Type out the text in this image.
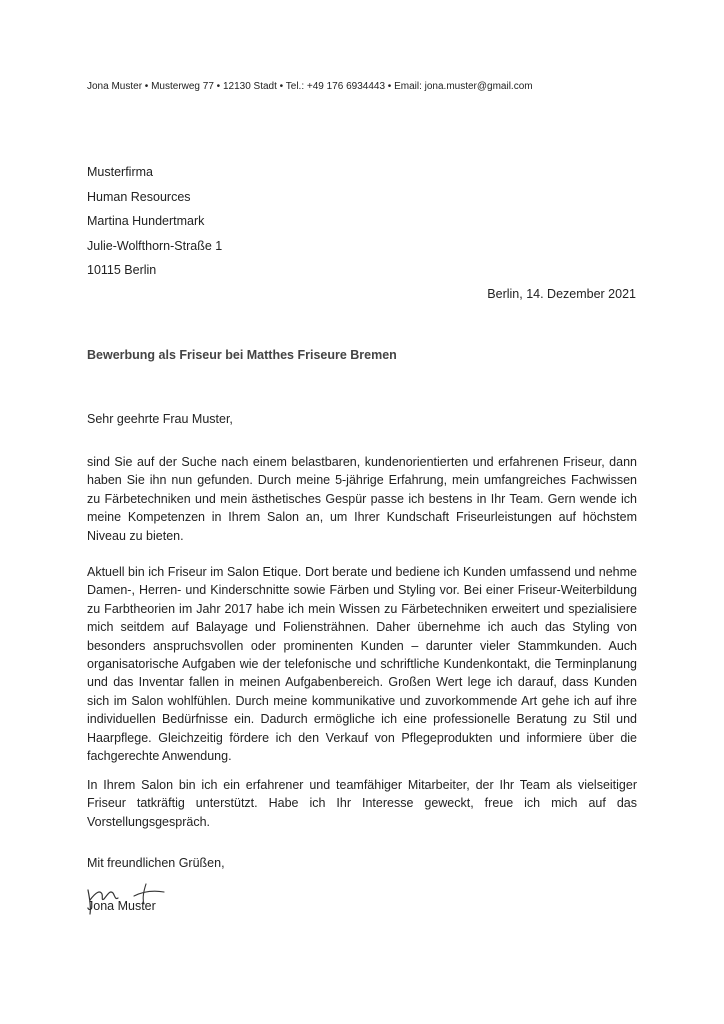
Jona Muster • Musterweg 77 • 12130 Stadt • Tel.: +49 176 6934443 • Email: jona.muster@gmail.com
Musterfirma
Human Resources
Martina Hundertmark
Julie-Wolfthorn-Straße 1
10115 Berlin
Berlin, 14. Dezember 2021
Bewerbung als Friseur bei Matthes Friseure Bremen
Sehr geehrte Frau Muster,

sind Sie auf der Suche nach einem belastbaren, kundenorientierten und erfahrenen Friseur, dann haben Sie ihn nun gefunden. Durch meine 5-jährige Erfahrung, mein umfangreiches Fachwissen zu Färbetechniken und mein ästhetisches Gespür passe ich bestens in Ihr Team. Gern wende ich meine Kompetenzen in Ihrem Salon an, um Ihrer Kundschaft Friseurleistungen auf höchstem Niveau zu bieten.

Aktuell bin ich Friseur im Salon Etique. Dort berate und bediene ich Kunden umfassend und nehme Damen-, Herren- und Kinderschnitte sowie Färben und Styling vor. Bei einer Friseur-Weiterbildung zu Farbtheorien im Jahr 2017 habe ich mein Wissen zu Färbetechniken erweitert und spezialisiere mich seitdem auf Balayage und Foliensträhnen. Daher übernehme ich auch das Styling von besonders anspruchsvollen oder prominenten Kunden – darunter vieler Stammkunden. Auch organisatorische Aufgaben wie der telefonische und schriftliche Kundenkontakt, die Terminplanung und das Inventar fallen in meinen Aufgabenbereich. Großen Wert lege ich darauf, dass Kunden sich im Salon wohlfühlen. Durch meine kommunikative und zuvorkommende Art gehe ich auf ihre individuellen Bedürfnisse ein. Dadurch ermögliche ich eine professionelle Beratung zu Stil und Haarpflege. Gleichzeitig fördere ich den Verkauf von Pflegeprodukten und informiere über die fachgerechte Anwendung.

In Ihrem Salon bin ich ein erfahrener und teamfähiger Mitarbeiter, der Ihr Team als vielseitiger Friseur tatkräftig unterstützt. Habe ich Ihr Interesse geweckt, freue ich mich auf das Vorstellungsgespräch.

Mit freundlichen Grüßen,
Jona Muster
